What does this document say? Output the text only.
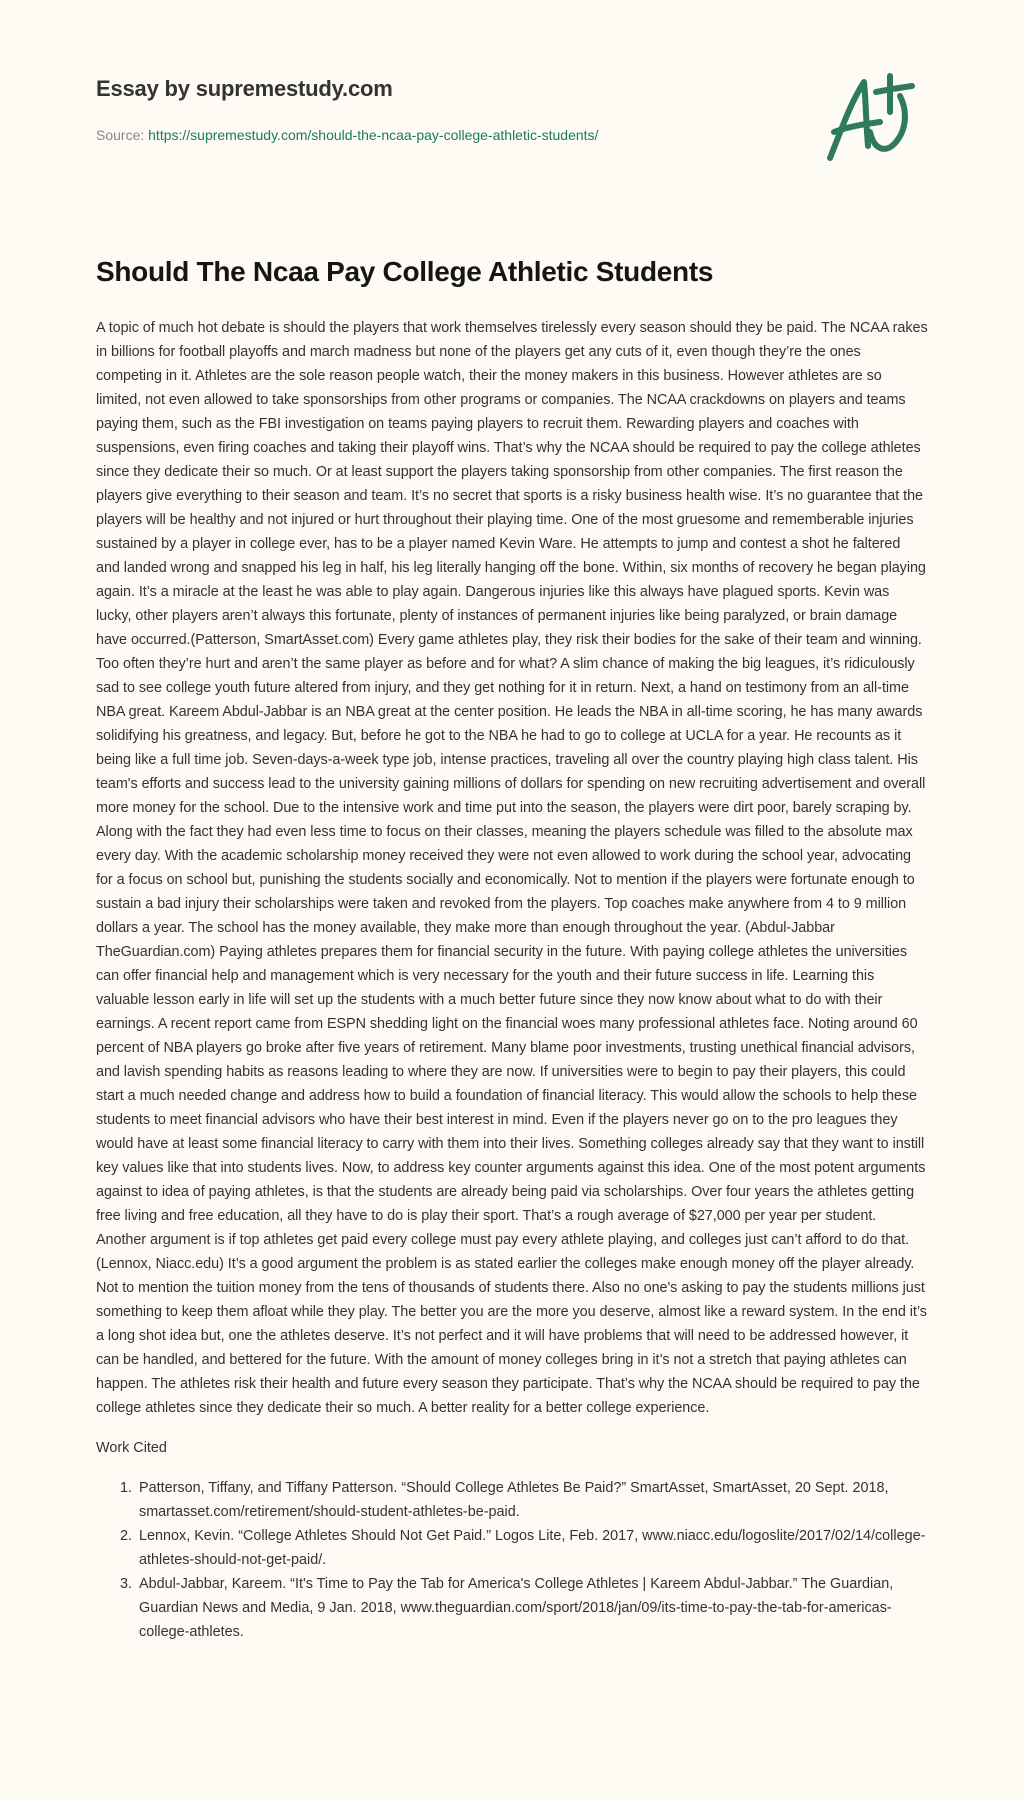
Essay by supremestudy.com
Source: https://supremestudy.com/should-the-ncaa-pay-college-athletic-students/
Should The Ncaa Pay College Athletic Students

A topic of much hot debate is should the players that work themselves tirelessly every season should they be paid. The NCAA rakes in billions for football playoffs and march madness but none of the players get any cuts of it, even though they’re the ones competing in it. Athletes are the sole reason people watch, their the money makers in this business. However athletes are so limited, not even allowed to take sponsorships from other programs or companies. The NCAA crackdowns on players and teams paying them, such as the FBI investigation on teams paying players to recruit them. Rewarding players and coaches with suspensions, even firing coaches and taking their playoff wins. That’s why the NCAA should be required to pay the college athletes since they dedicate their so much. Or at least support the players taking sponsorship from other companies. The first reason the players give everything to their season and team. It’s no secret that sports is a risky business health wise. It’s no guarantee that the players will be healthy and not injured or hurt throughout their playing time. One of the most gruesome and rememberable injuries sustained by a player in college ever, has to be a player named Kevin Ware. He attempts to jump and contest a shot he faltered and landed wrong and snapped his leg in half, his leg literally hanging off the bone. Within, six months of recovery he began playing again. It’s a miracle at the least he was able to play again. Dangerous injuries like this always have plagued sports. Kevin was lucky, other players aren’t always this fortunate, plenty of instances of permanent injuries like being paralyzed, or brain damage have occurred.(Patterson, SmartAsset.com) Every game athletes play, they risk their bodies for the sake of their team and winning. Too often they’re hurt and aren’t the same player as before and for what? A slim chance of making the big leagues, it’s ridiculously sad to see college youth future altered from injury, and they get nothing for it in return. Next, a hand on testimony from an all-time NBA great. Kareem Abdul-Jabbar is an NBA great at the center position. He leads the NBA in all-time scoring, he has many awards solidifying his greatness, and legacy. But, before he got to the NBA he had to go to college at UCLA for a year. He recounts as it being like a full time job. Seven-days-a-week type job, intense practices, traveling all over the country playing high class talent. His team's efforts and success lead to the university gaining millions of dollars for spending on new recruiting advertisement and overall more money for the school. Due to the intensive work and time put into the season, the players were dirt poor, barely scraping by. Along with the fact they had even less time to focus on their classes, meaning the players schedule was filled to the absolute max every day. With the academic scholarship money received they were not even allowed to work during the school year, advocating for a focus on school but, punishing the students socially and economically. Not to mention if the players were fortunate enough to sustain a bad injury their scholarships were taken and revoked from the players. Top coaches make anywhere from 4 to 9 million dollars a year. The school has the money available, they make more than enough throughout the year. (Abdul-Jabbar TheGuardian.com) Paying athletes prepares them for financial security in the future. With paying college athletes the universities can offer financial help and management which is very necessary for the youth and their future success in life. Learning this valuable lesson early in life will set up the students with a much better future since they now know about what to do with their earnings. A recent report came from ESPN shedding light on the financial woes many professional athletes face. Noting around 60 percent of NBA players go broke after five years of retirement. Many blame poor investments, trusting unethical financial advisors, and lavish spending habits as reasons leading to where they are now. If universities were to begin to pay their players, this could start a much needed change and address how to build a foundation of financial literacy. This would allow the schools to help these students to meet financial advisors who have their best interest in mind. Even if the players never go on to the pro leagues they would have at least some financial literacy to carry with them into their lives. Something colleges already say that they want to instill key values like that into students lives. Now, to address key counter arguments against this idea. One of the most potent arguments against to idea of paying athletes, is that the students are already being paid via scholarships. Over four years the athletes getting free living and free education, all they have to do is play their sport. That’s a rough average of $27,000 per year per student. Another argument is if top athletes get paid every college must pay every athlete playing, and colleges just can’t afford to do that.(Lennox, Niacc.edu) It’s a good argument the problem is as stated earlier the colleges make enough money off the player already. Not to mention the tuition money from the tens of thousands of students there. Also no one's asking to pay the students millions just something to keep them afloat while they play. The better you are the more you deserve, almost like a reward system. In the end it’s a long shot idea but, one the athletes deserve. It’s not perfect and it will have problems that will need to be addressed however, it can be handled, and bettered for the future. With the amount of money colleges bring in it’s not a stretch that paying athletes can happen. The athletes risk their health and future every season they participate. That’s why the NCAA should be required to pay the college athletes since they dedicate their so much. A better reality for a better college experience.

Work Cited

1. Patterson, Tiffany, and Tiffany Patterson. “Should College Athletes Be Paid?” SmartAsset, SmartAsset, 20 Sept. 2018, smartasset.com/retirement/should-student-athletes-be-paid.
2. Lennox, Kevin. “College Athletes Should Not Get Paid.” Logos Lite, Feb. 2017, www.niacc.edu/logoslite/2017/02/14/college-athletes-should-not-get-paid/.
3. Abdul-Jabbar, Kareem. “It's Time to Pay the Tab for America's College Athletes | Kareem Abdul-Jabbar.” The Guardian, Guardian News and Media, 9 Jan. 2018, www.theguardian.com/sport/2018/jan/09/its-time-to-pay-the-tab-for-americas-college-athletes.
